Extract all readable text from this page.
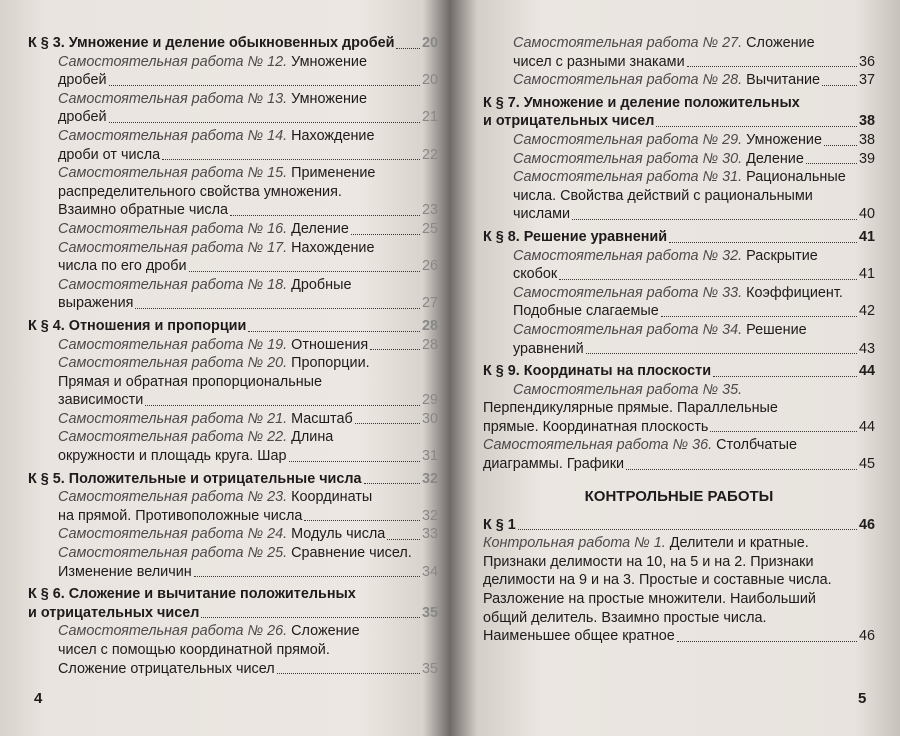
К § 3. Умножение и деление обыкновенных дробей 20
Самостоятельная работа № 12. Умножение
дробей	20
Самостоятельная работа № 13. Умножение
дробей	21
Самостоятельная работа № 14. Нахождение
дроби от числа	22
Самостоятельная работа № 15. Применение
распределительного свойства умножения.
Взаимно обратные числа	23
Самостоятельная работа № 16. Деление	25
Самостоятельная работа № 17. Нахождение
числа по его дроби	26
Самостоятельная работа № 18. Дробные
выражения	27
К § 4. Отношения и пропорции	28
Самостоятельная работа № 19. Отношения	28
Самостоятельная работа № 20. Пропорции.
Прямая и обратная пропорциональные
зависимости	29
Самостоятельная работа № 21. Масштаб	30
Самостоятельная работа № 22. Длина
окружности и площадь круга. Шар	31
К § 5. Положительные и отрицательные числа	32
Самостоятельная работа № 23. Координаты
на прямой. Противоположные числа	32
Самостоятельная работа № 24. Модуль числа	33
Самостоятельная работа № 25. Сравнение чисел.
Изменение величин	34
К § 6. Сложение и вычитание положительных
и отрицательных чисел	35
Самостоятельная работа № 26. Сложение
чисел с помощью координатной прямой.
Сложение отрицательных чисел	35
4
Самостоятельная работа № 27. Сложение
чисел с разными знаками	36
Самостоятельная работа № 28. Вычитание	37
К § 7. Умножение и деление положительных
и отрицательных чисел	38
Самостоятельная работа № 29. Умножение	38
Самостоятельная работа № 30. Деление	39
Самостоятельная работа № 31. Рациональные
числа. Свойства действий с рациональными
числами	40
К § 8. Решение уравнений	41
Самостоятельная работа № 32. Раскрытие
скобок	41
Самостоятельная работа № 33. Коэффициент.
Подобные слагаемые	42
Самостоятельная работа № 34. Решение
уравнений	43
К § 9. Координаты на плоскости	44
Самостоятельная работа № 35.
Перпендикулярные прямые. Параллельные
прямые. Координатная плоскость	44
Самостоятельная работа № 36. Столбчатые
диаграммы. Графики	45
КОНТРОЛЬНЫЕ РАБОТЫ
К § 1	46
Контрольная работа № 1. Делители и кратные.
Признаки делимости на 10, на 5 и на 2. Признаки
делимости на 9 и на 3. Простые и составные числа.
Разложение на простые множители. Наибольший
общий делитель. Взаимно простые числа.
Наименьшее общее кратное	46
5
